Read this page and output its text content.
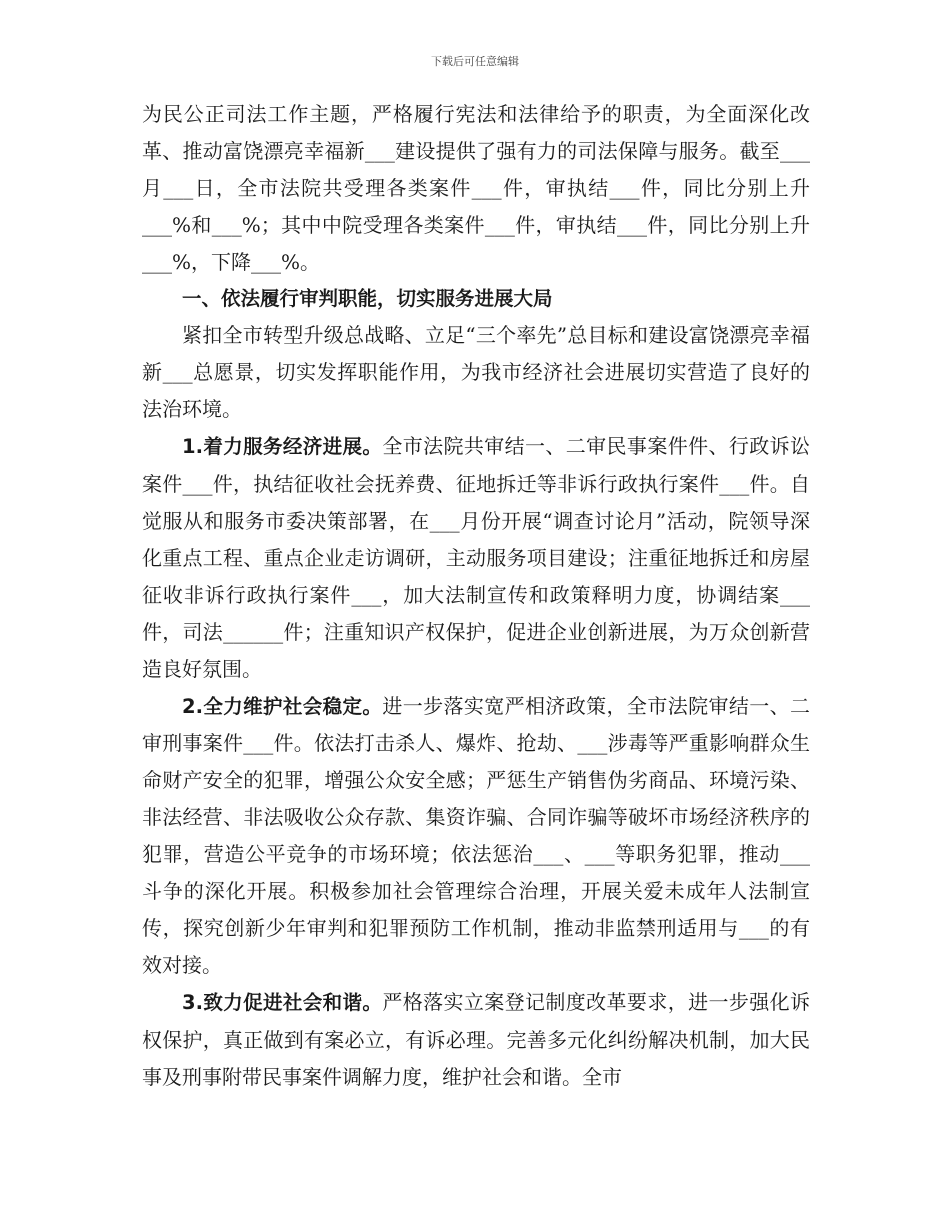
下载后可任意编辑

为民公正司法工作主题，严格履行宪法和法律给予的职责，为全面深化改革、推动富饶漂亮幸福新___建设提供了强有力的司法保障与服务。截至___月___日，全市法院共受理各类案件___件，审执结___件，同比分别上升___%和___%；其中中院受理各类案件___件，审执结___件，同比分别上升___%，下降___%。

一、依法履行审判职能，切实服务进展大局

紧扣全市转型升级总战略、立足“三个率先”总目标和建设富饶漂亮幸福新___总愿景，切实发挥职能作用，为我市经济社会进展切实营造了良好的法治环境。

1.着力服务经济进展。全市法院共审结一、二审民事案件件、行政诉讼案件___件，执结征收社会抚养费、征地拆迁等非诉行政执行案件___件。自觉服从和服务市委决策部署，在___月份开展“调查讨论月”活动，院领导深化重点工程、重点企业走访调研，主动服务项目建设；注重征地拆迁和房屋征收非诉行政执行案件___，加大法制宣传和政策释明力度，协调结案___件，司法______件；注重知识产权保护，促进企业创新进展，为万众创新营造良好氛围。

2.全力维护社会稳定。进一步落实宽严相济政策，全市法院审结一、二审刑事案件___件。依法打击杀人、爆炸、抢劫、___涉毒等严重影响群众生命财产安全的犯罪，增强公众安全感；严惩生产销售伪劣商品、环境污染、非法经营、非法吸收公众存款、集资诈骗、合同诈骗等破坏市场经济秩序的犯罪，营造公平竞争的市场环境；依法惩治___、___等职务犯罪，推动___斗争的深化开展。积极参加社会管理综合治理，开展关爱未成年人法制宣传，探究创新少年审判和犯罪预防工作机制，推动非监禁刑适用与___的有效对接。

3.致力促进社会和谐。严格落实立案登记制度改革要求，进一步强化诉权保护，真正做到有案必立，有诉必理。完善多元化纠纷解决机制，加大民事及刑事附带民事案件调解力度，维护社会和谐。全市
